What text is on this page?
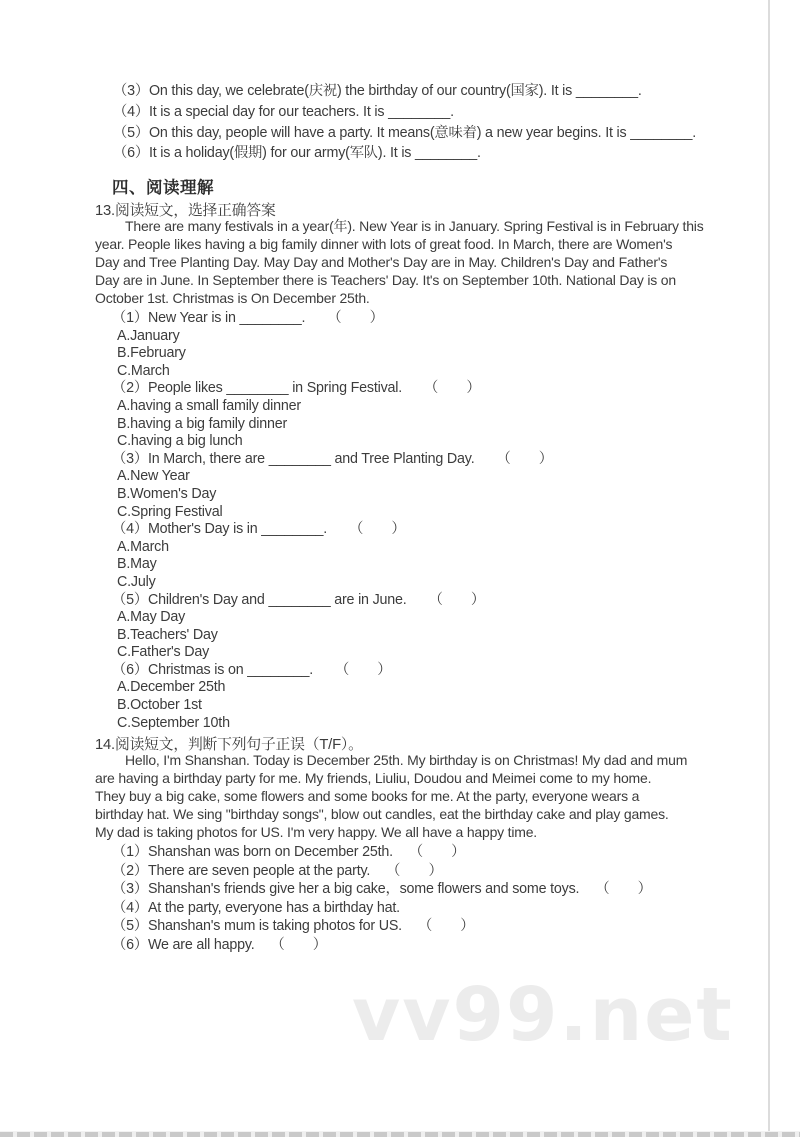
（3）On this day, we celebrate(庆祝) the birthday of our country(国家). It is ________.
（4）It is a special day for our teachers. It is ________.
（5）On this day, people will have a party. It means(意味着) a new year begins. It is ________.
（6）It is a holiday(假期) for our army(军队). It is ________.
四、阅读理解
13.阅读短文，选择正确答案
There are many festivals in a year(年). New Year is in January. Spring Festival is in February this
year. People likes having a big family dinner with lots of great food. In March, there are Women's
Day and Tree Planting Day. May Day and Mother's Day are in May. Children's Day and Father's
Day are in June. In September there is Teachers' Day. It's on September 10th. National Day is on
October 1st. Christmas is On December 25th.
（1）New Year is in ________. （　　）
A.January
B.February
C.March
（2）People likes ________ in Spring Festival. （　　）
A.having a small family dinner
B.having a big family dinner
C.having a big lunch
（3）In March, there are ________ and Tree Planting Day. （　　）
A.New Year
B.Women's Day
C.Spring Festival
（4）Mother's Day is in ________. （　　）
A.March
B.May
C.July
（5）Children's Day and ________ are in June. （　　）
A.May Day
B.Teachers' Day
C.Father's Day
（6）Christmas is on ________. （　　）
A.December 25th
B.October 1st
C.September 10th
14.阅读短文，判断下列句子正误（T/F）。
Hello, I'm Shanshan. Today is December 25th. My birthday is on Christmas! My dad and mum
are having a birthday party for me. My friends, Liuliu, Doudou and Meimei come to my home.
They buy a big cake, some flowers and some books for me. At the party, everyone wears a
birthday hat. We sing "birthday songs", blow out candles, eat the birthday cake and play games.
My dad is taking photos for US. I'm very happy. We all have a happy time.
（1）Shanshan was born on December 25th. （　　）
（2）There are seven people at the party. （　　）
（3）Shanshan's friends give her a big cake，some flowers and some toys. （　　）
（4）At the party, everyone has a birthday hat.
（5）Shanshan's mum is taking photos for US. （　　）
（6）We are all happy. （　　）
vv99.net
